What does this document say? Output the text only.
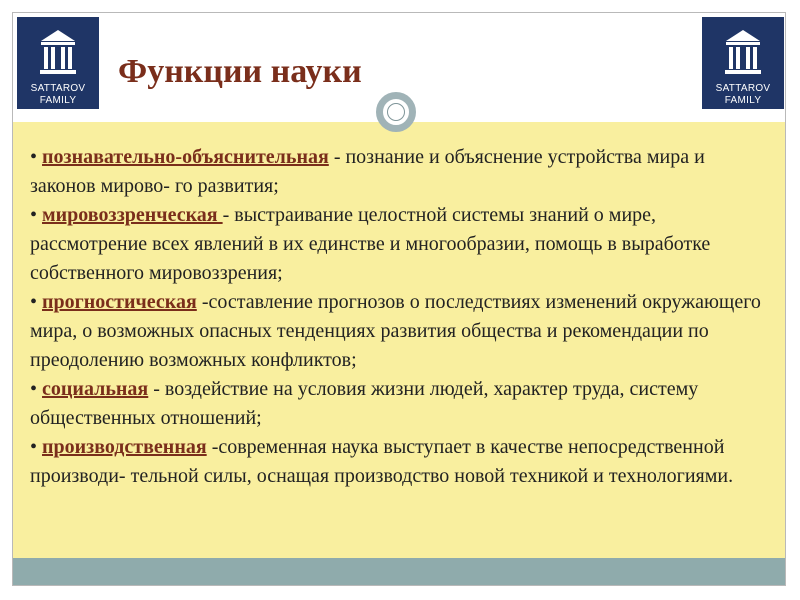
SATTAROV
FAMILY
SATTAROV
FAMILY
Функции науки

• познавательно-объяснительная - познание и объяснение устройства мира и законов мирово- го развития;

• мировоззренческая - выстраивание целостной системы знаний о мире, рассмотрение всех явлений в их единстве и многообразии, помощь в выработке собственного мировоззрения;

• прогностическая -составление прогнозов о последствиях изменений окружающего мира, о возможных опасных тенденциях развития общества и рекомендации по преодолению возможных конфликтов;

• социальная - воздействие на условия жизни людей, характер труда, систему общественных отношений;

• производственная -современная наука выступает в качестве непосредственной производи- тельной силы, оснащая производство новой техникой и технологиями.
